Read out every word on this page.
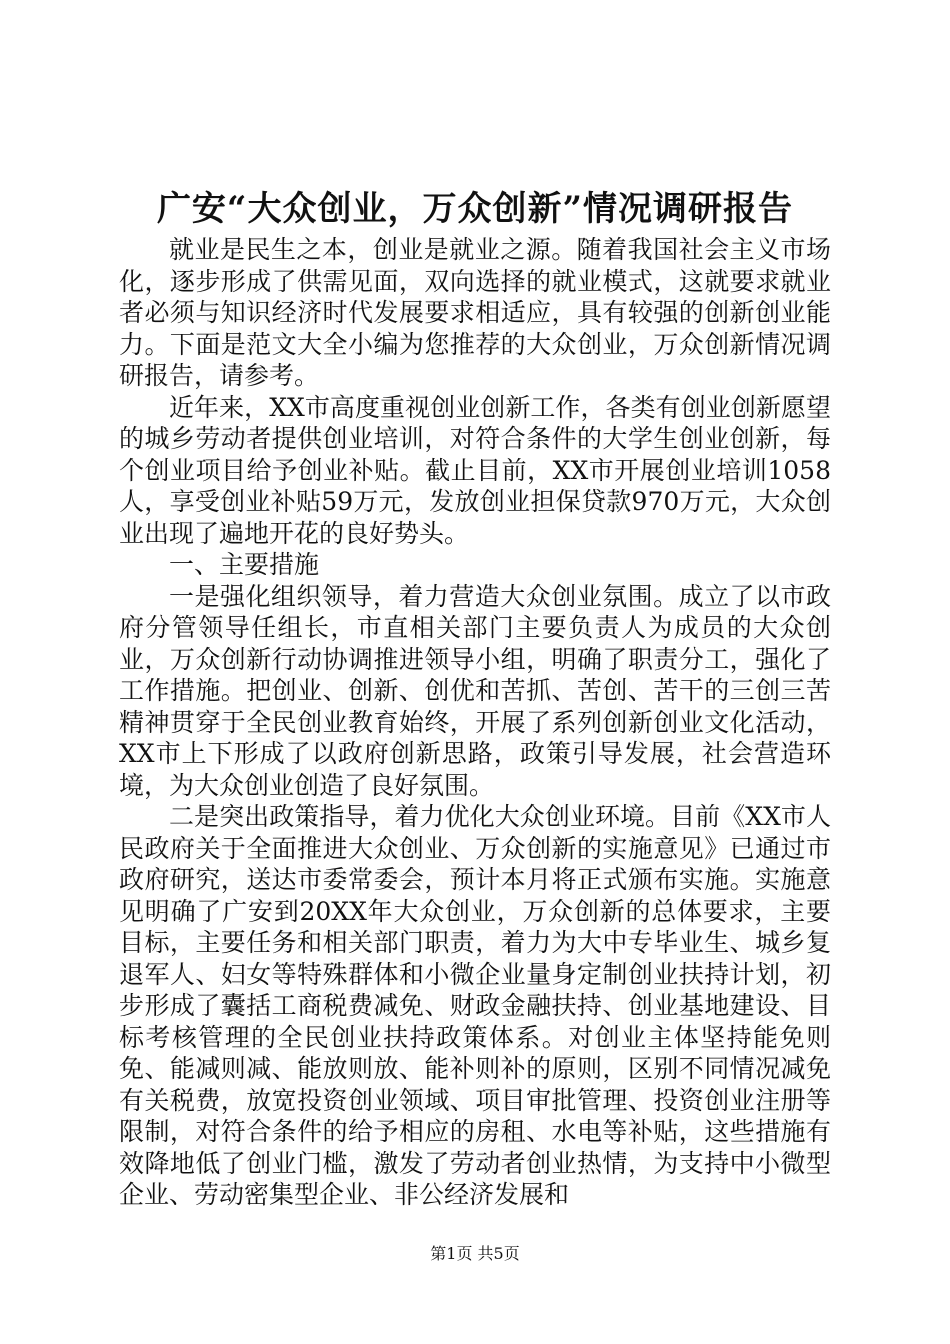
广安“大众创业，万众创新”情况调研报告

就业是民生之本，创业是就业之源。随着我国社会主义市场化，逐步形成了供需见面，双向选择的就业模式，这就要求就业者必须与知识经济时代发展要求相适应，具有较强的创新创业能力。下面是范文大全小编为您推荐的大众创业，万众创新情况调研报告，请参考。

近年来，XX市高度重视创业创新工作，各类有创业创新愿望的城乡劳动者提供创业培训，对符合条件的大学生创业创新，每个创业项目给予创业补贴。截止目前，XX市开展创业培训1058人，享受创业补贴59万元，发放创业担保贷款970万元，大众创业出现了遍地开花的良好势头。

一、主要措施

一是强化组织领导，着力营造大众创业氛围。成立了以市政府分管领导任组长，市直相关部门主要负责人为成员的大众创业，万众创新行动协调推进领导小组，明确了职责分工，强化了工作措施。把创业、创新、创优和苦抓、苦创、苦干的三创三苦精神贯穿于全民创业教育始终，开展了系列创新创业文化活动，XX市上下形成了以政府创新思路，政策引导发展，社会营造环境，为大众创业创造了良好氛围。

二是突出政策指导，着力优化大众创业环境。目前《XX市人民政府关于全面推进大众创业、万众创新的实施意见》已通过市政府研究，送达市委常委会，预计本月将正式颁布实施。实施意见明确了广安到20XX年大众创业，万众创新的总体要求，主要目标，主要任务和相关部门职责，着力为大中专毕业生、城乡复退军人、妇女等特殊群体和小微企业量身定制创业扶持计划，初步形成了囊括工商税费减免、财政金融扶持、创业基地建设、目标考核管理的全民创业扶持政策体系。对创业主体坚持能免则免、能减则减、能放则放、能补则补的原则，区别不同情况减免有关税费，放宽投资创业领域、项目审批管理、投资创业注册等限制，对符合条件的给予相应的房租、水电等补贴，这些措施有效降地低了创业门槛，激发了劳动者创业热情，为支持中小微型企业、劳动密集型企业、非公经济发展和

第1页 共5页
